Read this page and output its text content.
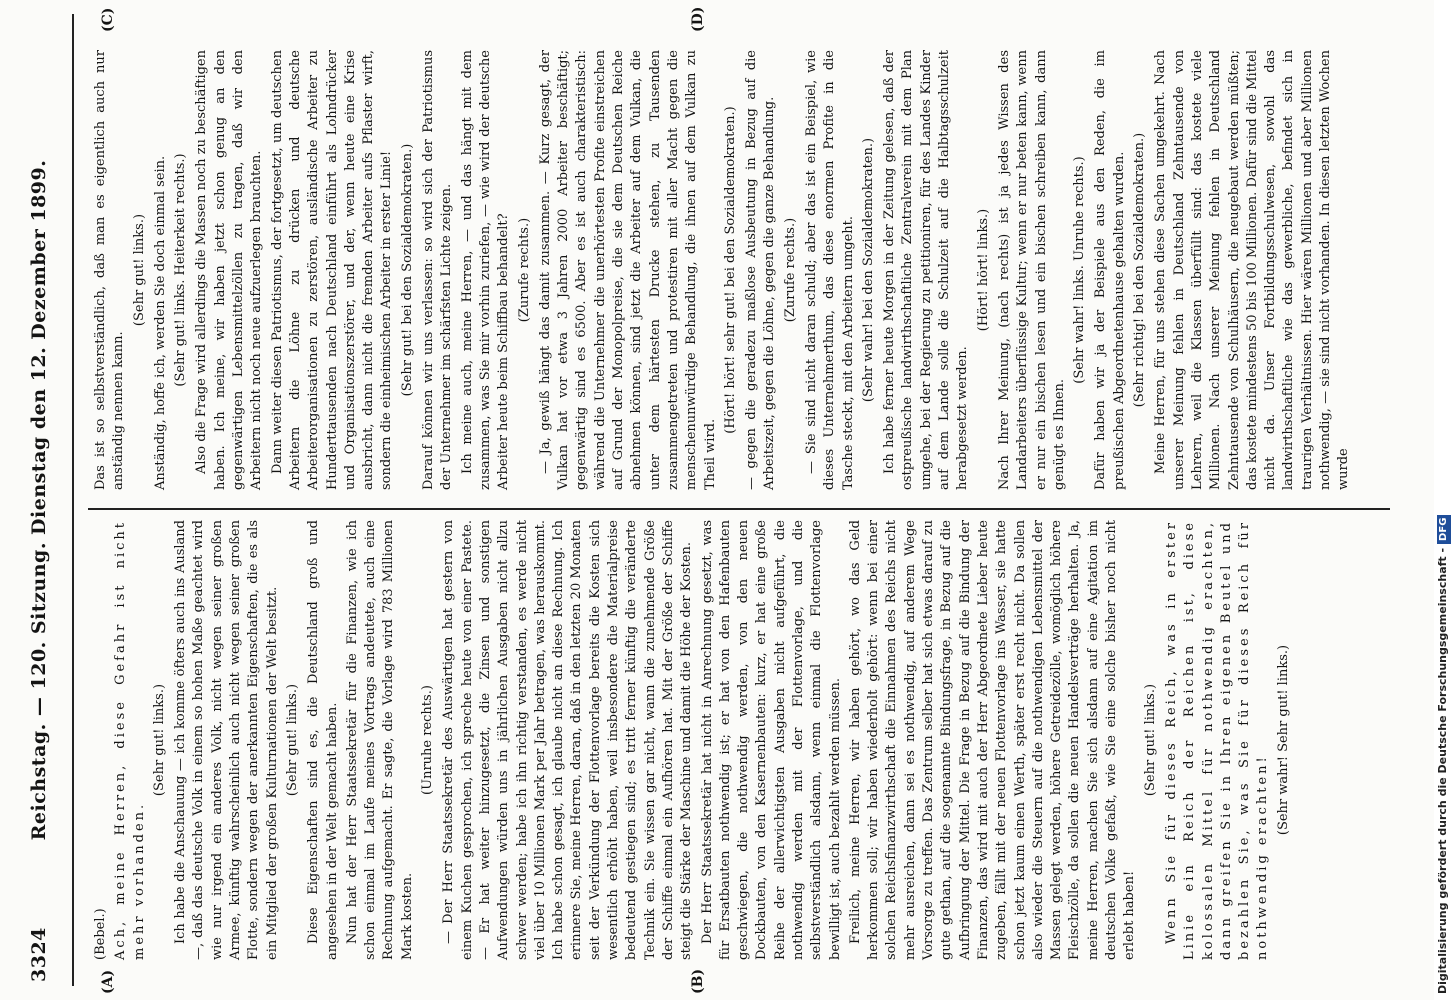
3324
Reichstag. — 120. Sitzung. Dienstag den 12. Dezember 1899.
(A)	(B)
(C)	(D)

(Bebel.) Ach, meine Herren, diese Gefahr ist nicht mehr vorhanden.

(Sehr gut! links.) Ich habe die Anschauung — ich komme öfters auch ins Ausland —, daß das deutsche Volk in einem so hohen Maße geachtet wird wie nur irgend ein anderes Volk, nicht wegen seiner großen Armee, künftig wahrscheinlich auch nicht wegen seiner großen Flotte, sondern wegen der anerkannten Eigenschaften, die es als ein Mitglied der großen Kulturnationen der Welt besitzt. (Sehr gut! links.) Diese Eigenschaften sind es, die Deutschland groß und angesehen in der Welt gemacht haben. Nun hat der Herr Staatssekretär für die Finanzen, wie ich schon einmal im Laufe meines Vortrags andeutete, auch eine Rechnung aufgemacht. Er sagte, die Vorlage wird 783 Millionen Mark kosten.

(Unruhe rechts.) — Der Herr Staatssekretär des Auswärtigen hat gestern von einem Kuchen gesprochen, ich spreche heute von einer Pastete. — Er hat weiter hinzugesetzt, die Zinsen und sonstigen Aufwendungen würden uns in jährlichen Ausgaben nicht allzu schwer werden; habe ich ihn richtig verstanden, es werde nicht viel über 10 Millionen Mark per Jahr betragen, was herauskommt. Ich habe schon gesagt, ich glaube nicht an diese Rechnung. Ich erinnere Sie, meine Herren, daran, daß in den letzten 20 Monaten seit der Verkündung der Flottenvorlage bereits die Kosten sich wesentlich erhöht haben, weil insbesondere die Materialpreise bedeutend gestiegen sind; es tritt ferner künftig die veränderte Technik ein. Sie wissen gar nicht, wann die zunehmende Größe der Schiffe einmal ein Aufhören hat. Mit der Größe der Schiffe steigt die Stärke der Maschine und damit die Höhe der Kosten. Der Herr Staatssekretär hat nicht in Anrechnung gesetzt, was für Ersatbauten nothwendig ist; er hat von den Hafenbauten geschwiegen, die nothwendig werden, von den neuen Dockbauten, von den Kasernenbauten: kurz, er hat eine große Reihe der allerwichtigsten Ausgaben nicht aufgeführt, die nothwendig werden mit der Flottenvorlage, und die selbstverständlich alsdann, wenn einmal die Flottenvorlage bewilligt ist, auch bezahlt werden müssen. Freilich, meine Herren, wir haben gehört, wo das Geld herkommen soll; wir haben wiederholt gehört: wenn bei einer solchen Reichsfinanzwirthschaft die Einnahmen des Reichs nicht mehr ausreichen, dann sei es nothwendig, auf anderem Wege Vorsorge zu treffen. Das Zentrum selber hat sich etwas darauf zu gute gethan, auf die sogenannte Bindungsfrage, in Bezug auf die Aufbringung der Mittel. Die Frage in Bezug auf die Bindung der Finanzen, das wird mit auch der Herr Abgeordnete Lieber heute zugeben, fällt mit der neuen Flottenvorlage ins Wasser, sie hatte schon jetzt kaum einen Werth, später erst recht nicht. Da sollen also wieder die Steuern auf die nothwendigen Lebensmittel der Massen gelegt werden, höhere Getreidezölle, womöglich höhere Fleischzölle, da sollen die neuen Handelsverträge herhalten. Ja, meine Herren, machen Sie sich alsdann auf eine Agitation im deutschen Volke gefaßt, wie Sie eine solche bisher noch nicht erlebt haben!

(Sehr gut! links.) Wenn Sie für dieses Reich, was in erster Linie ein Reich der Reichen ist, diese kolossalen Mittel für nothwendig erachten, dann greifen Sie in Ihren eigenen Beutel und bezahlen Sie, was Sie für dieses Reich für nothwendig erachten!

(Sehr wahr! Sehr gut! links.)

Das ist so selbstverständlich, daß man es eigentlich auch nur anständig nennen kann.

(Sehr gut! links.) Anständig, hoffe ich, werden Sie doch einmal sein. (Sehr gut! links. Heiterkeit rechts.) Also die Frage wird allerdings die Massen noch zu beschäftigen haben. Ich meine, wir haben jetzt schon genug an den gegenwärtigen Lebensmittelzöllen zu tragen, daß wir den Arbeitern nicht noch neue aufzuerlegen brauchten. Dann weiter diesen Patriotismus, der fortgesetzt, um deutschen Arbeitern die Löhne zu drücken und deutsche Arbeiterorganisationen zu zerstören, ausländische Arbeiter zu Hunderttausenden nach Deutschland einführt als Lohndrücker und Organisationszerstörer, und der, wenn heute eine Krise ausbricht, dann nicht die fremden Arbeiter aufs Pflaster wirft, sondern die einheimischen Arbeiter in erster Linie! (Sehr gut! bei den Sozialdemokraten.) Darauf können wir uns verlassen: so wird sich der Patriotismus der Unternehmer im schärfsten Lichte zeigen. Ich meine auch, meine Herren, — und das hängt mit dem zusammen, was Sie mir vorhin zuriefen, — wie wird der deutsche Arbeiter heute beim Schiffbau behandelt? (Zurufe rechts.) — Ja, gewiß hängt das damit zusammen. — Kurz gesagt, der Vulkan hat vor etwa 3 Jahren 2000 Arbeiter beschäftigt; gegenwärtig sind es 6500. Aber es ist auch charakteristisch: während die Unternehmer die unerhörtesten Profite einstreichen auf Grund der Monopolpreise, die sie dem Deutschen Reiche abnehmen können, sind jetzt die Arbeiter auf dem Vulkan, die unter dem härtesten Drucke stehen, zu Tausenden zusammengetreten und protestiren mit aller Macht gegen die menschenunwürdige Behandlung, die ihnen auf dem Vulkan zu Theil wird.

(Hört! hört! sehr gut! bei den Sozialdemokraten.) — gegen die geradezu maßlose Ausbeutung in Bezug auf die Arbeitszeit, gegen die Löhne, gegen die ganze Behandlung. (Zurufe rechts.) — Sie sind nicht daran schuld; aber das ist ein Beispiel, wie dieses Unternehmerthum, das diese enormen Profite in die Tasche steckt, mit den Arbeitern umgeht. (Sehr wahr! bei den Sozialdemokraten.) Ich habe ferner heute Morgen in der Zeitung gelesen, daß der ostpreußische landwirthschaftliche Zentralverein mit dem Plan umgehe, bei der Regierung zu petitioniren, für des Landes Kinder auf dem Lande solle die Schulzeit auf die Halbtagsschulzeit herabgesetzt werden.

(Hört! hört! links.) Nach Ihrer Meinung, (nach rechts) ist ja jedes Wissen des Landarbeiters überflüssige Kultur; wenn er nur beten kann, wenn er nur ein bischen lesen und ein bischen schreiben kann, dann genügt es Ihnen.

(Sehr wahr! links. Unruhe rechts.) Dafür haben wir ja der Beispiele aus den Reden, die im preußischen Abgeordnetenhause gehalten wurden. (Sehr richtig! bei den Sozialdemokraten.) Meine Herren, für uns stehen diese Sachen umgekehrt. Nach unserer Meinung fehlen in Deutschland Zehntausende von Lehrern, weil die Klassen überfüllt sind: das kostete viele Millionen. Nach unserer Meinung fehlen in Deutschland Zehntausende von Schulhäusern, die neugebaut werden müßten; das kostete mindestens 50 bis 100 Millionen. Dafür sind die Mittel nicht da. Unser Fortbildungsschulwesen, sowohl das landwirthschaftliche wie das gewerbliche, befindet sich in traurigen Verhältnissen. Hier wären Millionen und aber Millionen nothwendig, — sie sind nicht vorhanden. In diesen letzten Wochen wurde

Digitalisierung gefördert durch die Deutsche Forschungsgemeinschaft -DFG
